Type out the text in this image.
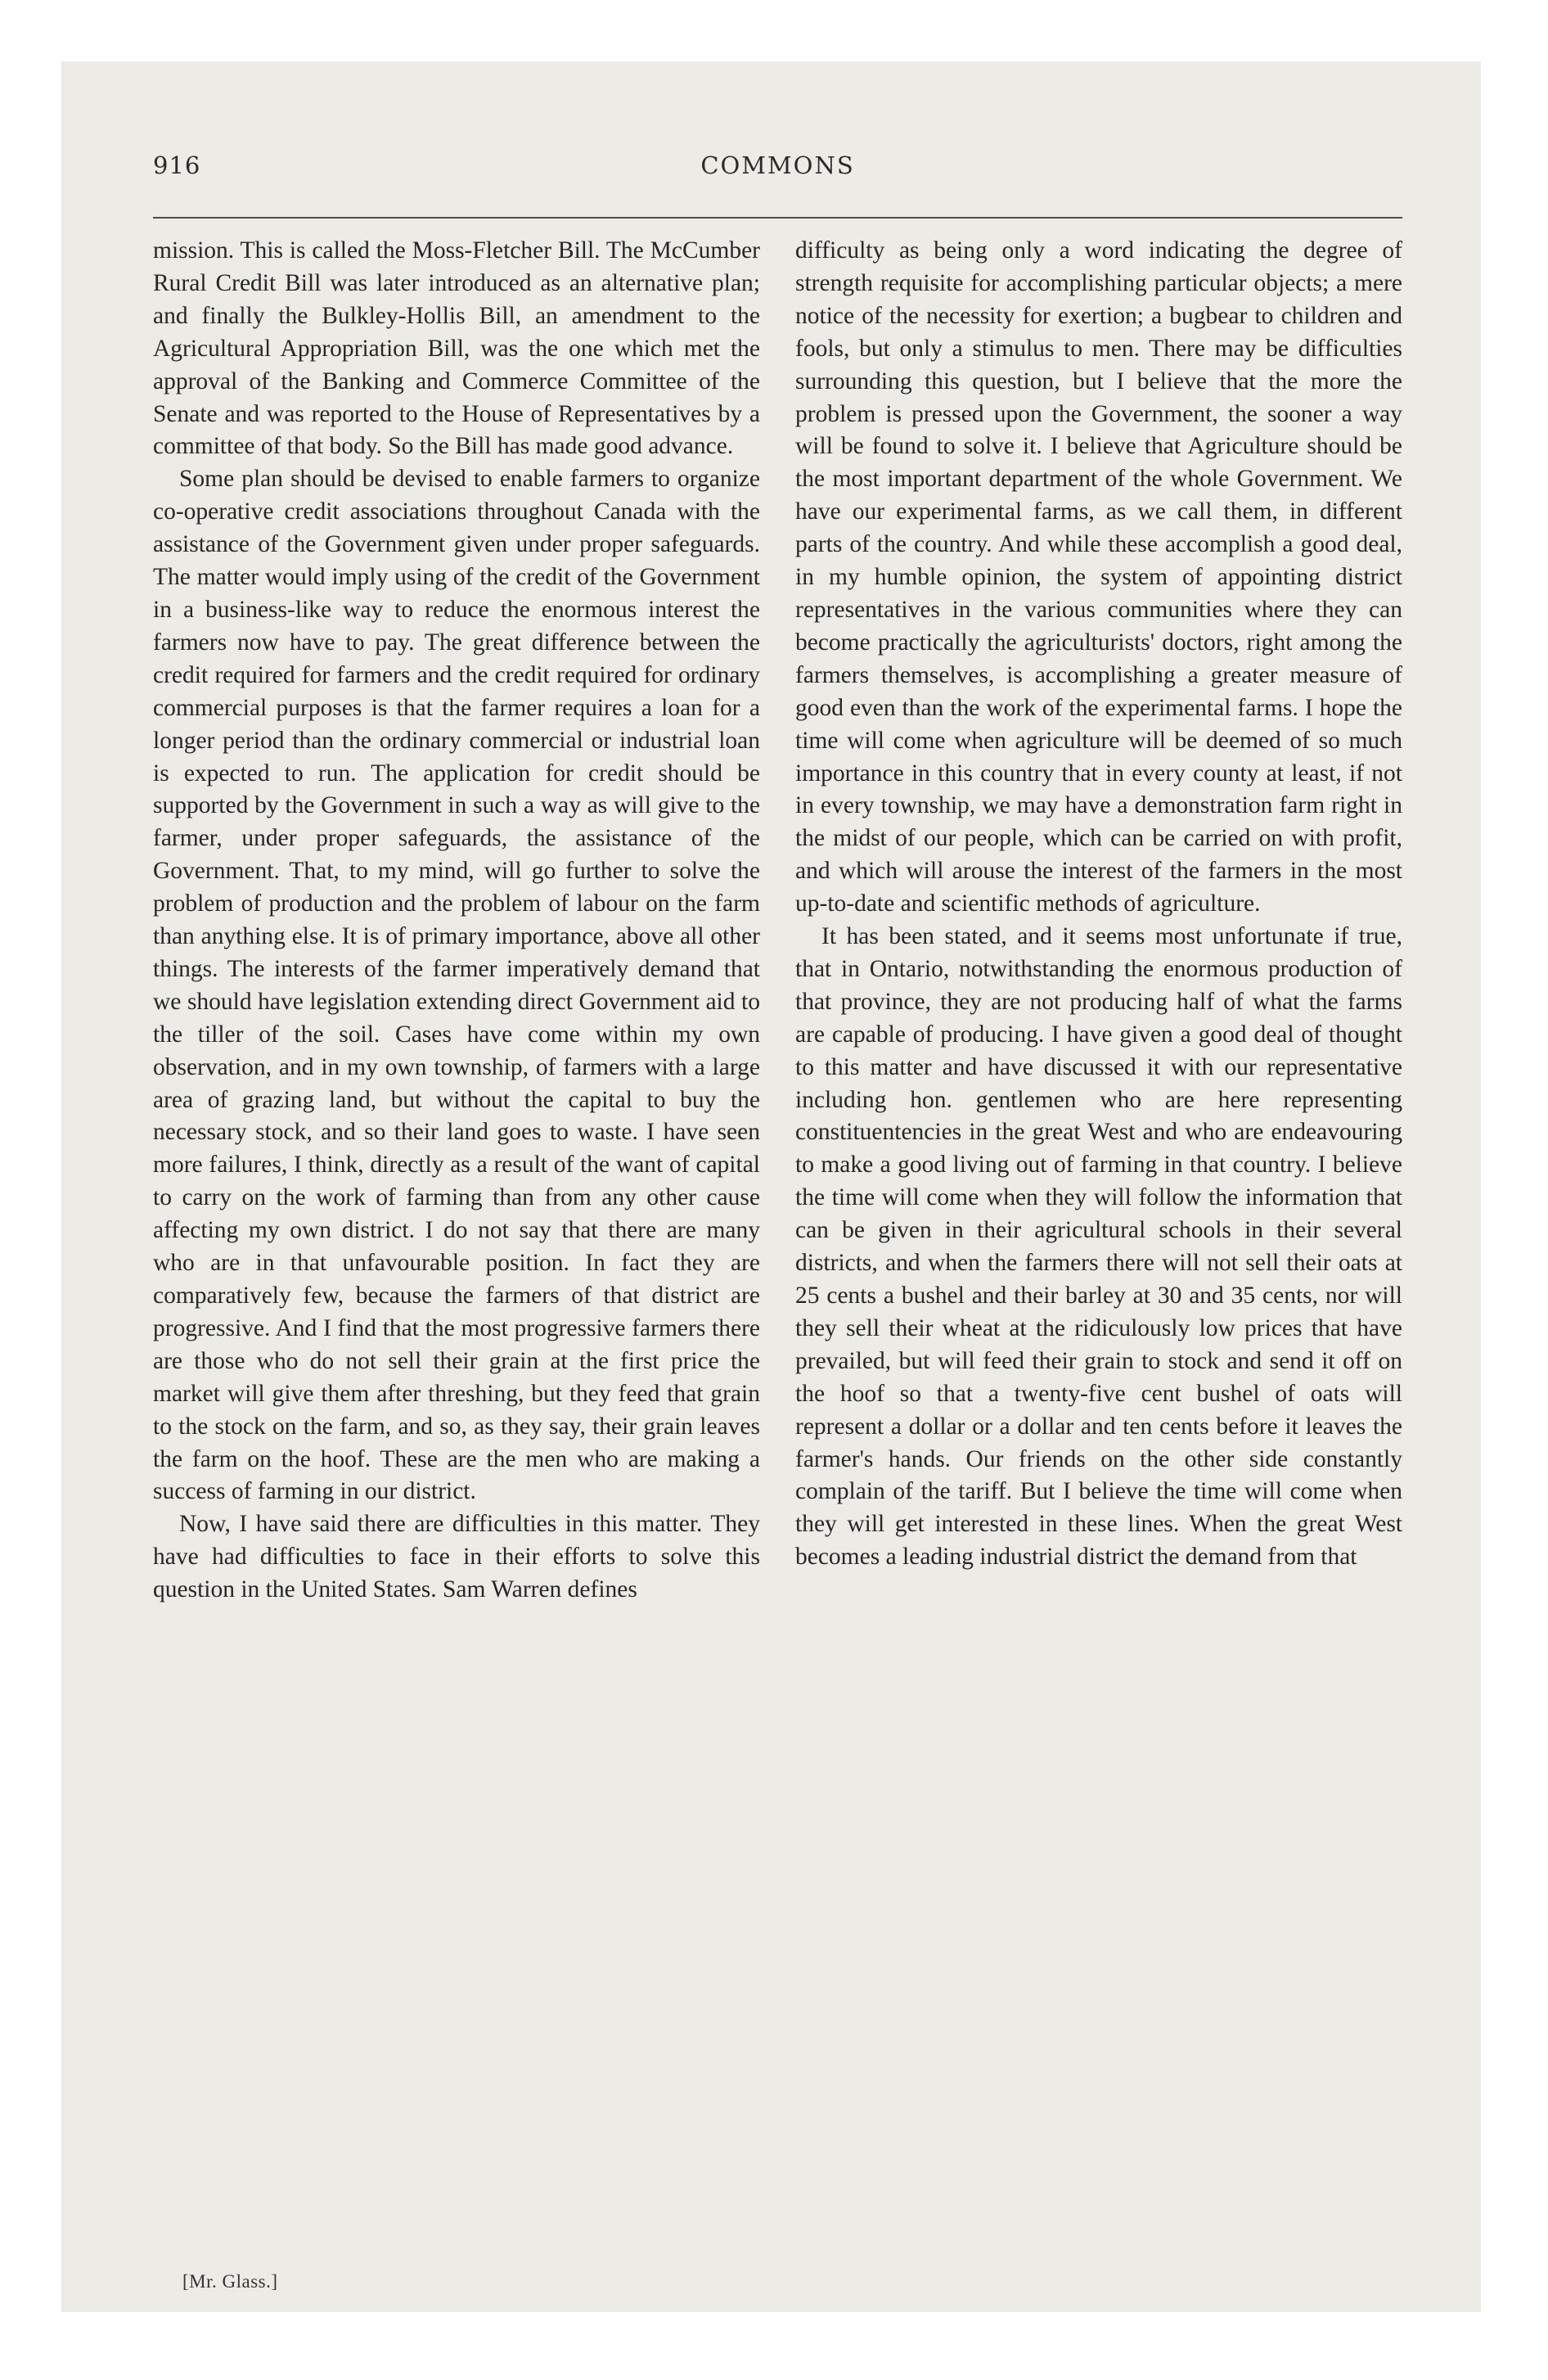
916	COMMONS

mission. This is called the Moss-Fletcher Bill. The McCumber Rural Credit Bill was later introduced as an alternative plan; and finally the Bulkley-Hollis Bill, an amendment to the Agricultural Appropriation Bill, was the one which met the approval of the Banking and Commerce Committee of the Senate and was reported to the House of Representatives by a committee of that body. So the Bill has made good advance.

Some plan should be devised to enable farmers to organize co-operative credit associations throughout Canada with the assistance of the Government given under proper safeguards. The matter would imply using of the credit of the Government in a business-like way to reduce the enormous interest the farmers now have to pay. The great difference between the credit required for farmers and the credit required for ordinary commercial purposes is that the farmer requires a loan for a longer period than the ordinary commercial or industrial loan is expected to run. The application for credit should be supported by the Government in such a way as will give to the farmer, under proper safeguards, the assistance of the Government. That, to my mind, will go further to solve the problem of production and the problem of labour on the farm than anything else. It is of primary importance, above all other things. The interests of the farmer imperatively demand that we should have legislation extending direct Government aid to the tiller of the soil. Cases have come within my own observation, and in my own township, of farmers with a large area of grazing land, but without the capital to buy the necessary stock, and so their land goes to waste. I have seen more failures, I think, directly as a result of the want of capital to carry on the work of farming than from any other cause affecting my own district. I do not say that there are many who are in that unfavourable position. In fact they are comparatively few, because the farmers of that district are progressive. And I find that the most progressive farmers there are those who do not sell their grain at the first price the market will give them after threshing, but they feed that grain to the stock on the farm, and so, as they say, their grain leaves the farm on the hoof. These are the men who are making a success of farming in our district.

Now, I have said there are difficulties in this matter. They have had difficulties to face in their efforts to solve this question in the United States. Sam Warren defines

difficulty as being only a word indicating the degree of strength requisite for accomplishing particular objects; a mere notice of the necessity for exertion; a bugbear to children and fools, but only a stimulus to men. There may be difficulties surrounding this question, but I believe that the more the problem is pressed upon the Government, the sooner a way will be found to solve it. I believe that Agriculture should be the most important department of the whole Government. We have our experimental farms, as we call them, in different parts of the country. And while these accomplish a good deal, in my humble opinion, the system of appointing district representatives in the various communities where they can become practically the agriculturists' doctors, right among the farmers themselves, is accomplishing a greater measure of good even than the work of the experimental farms. I hope the time will come when agriculture will be deemed of so much importance in this country that in every county at least, if not in every township, we may have a demonstration farm right in the midst of our people, which can be carried on with profit, and which will arouse the interest of the farmers in the most up-to-date and scientific methods of agriculture.

It has been stated, and it seems most unfortunate if true, that in Ontario, notwithstanding the enormous production of that province, they are not producing half of what the farms are capable of producing. I have given a good deal of thought to this matter and have discussed it with our representative including hon. gentlemen who are here representing constituentencies in the great West and who are endeavouring to make a good living out of farming in that country. I believe the time will come when they will follow the information that can be given in their agricultural schools in their several districts, and when the farmers there will not sell their oats at 25 cents a bushel and their barley at 30 and 35 cents, nor will they sell their wheat at the ridiculously low prices that have prevailed, but will feed their grain to stock and send it off on the hoof so that a twenty-five cent bushel of oats will represent a dollar or a dollar and ten cents before it leaves the farmer's hands. Our friends on the other side constantly complain of the tariff. But I believe the time will come when they will get interested in these lines. When the great West becomes a leading industrial district the demand from that

[Mr. Glass.]
